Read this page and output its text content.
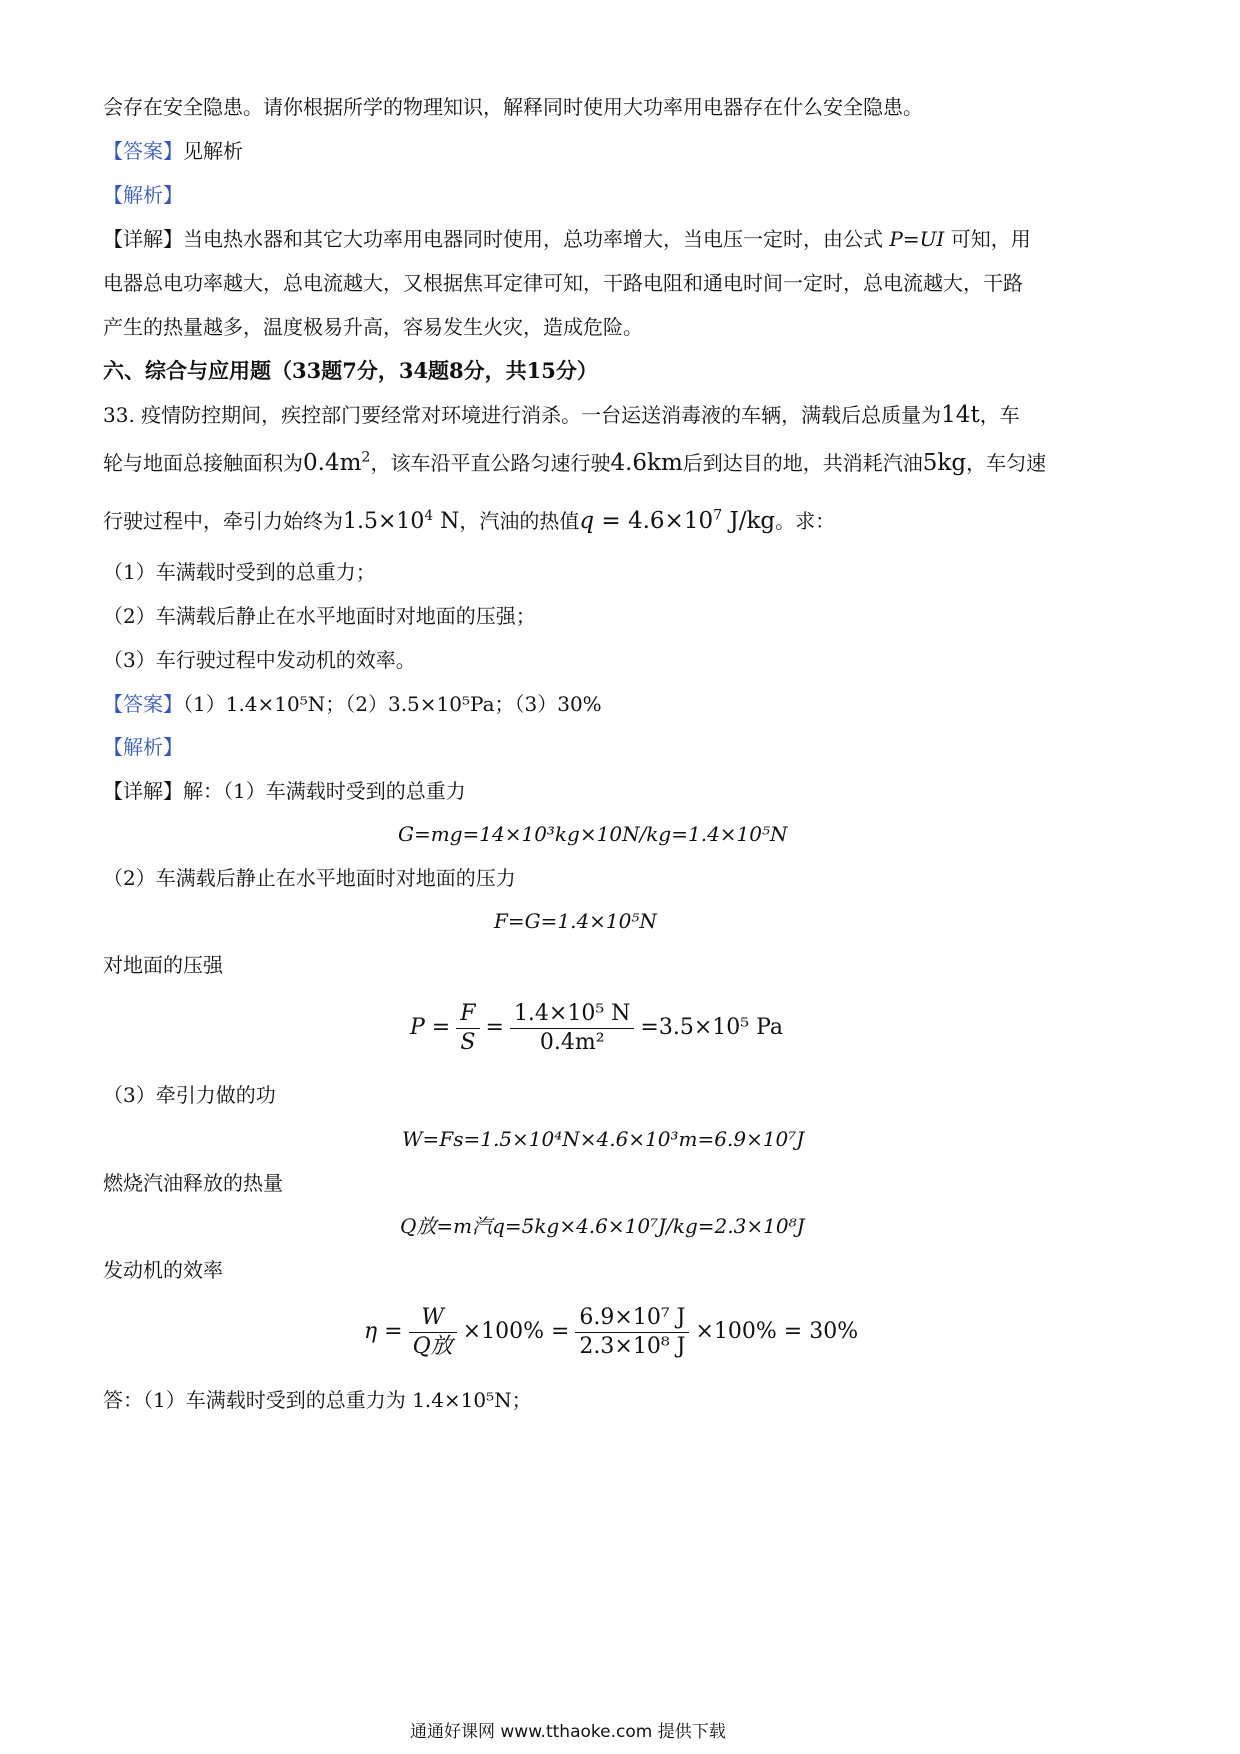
会存在安全隐患。请你根据所学的物理知识，解释同时使用大功率用电器存在什么安全隐患。
【答案】见解析
【解析】
【详解】当电热水器和其它大功率用电器同时使用，总功率增大，当电压一定时，由公式 P=UI 可知，用
电器总电功率越大，总电流越大，又根据焦耳定律可知，干路电阻和通电时间一定时，总电流越大，干路
产生的热量越多，温度极易升高，容易发生火灾，造成危险。
六、综合与应用题（33题7分，34题8分，共15分）
33. 疫情防控期间，疾控部门要经常对环境进行消杀。一台运送消毒液的车辆，满载后总质量为14t，车
轮与地面总接触面积为$0.4m^2$，该车沿平直公路匀速行驶4.6km后到达目的地，共消耗汽油5kg，车匀速
行驶过程中，牵引力始终为$1.5\times 10^4$ N，汽油的热值$q = 4.6\times 10^7$ J/kg。求：
（1）车满载时受到的总重力；
（2）车满载后静止在水平地面时对地面的压强；
（3）车行驶过程中发动机的效率。
【答案】（1）1.4×10⁵N；（2）3.5×10⁵Pa；（3）30%
【解析】
【详解】解：（1）车满载时受到的总重力
G=mg=14×10³kg×10N/kg=1.4×10⁵N
（2）车满载后静止在水平地面时对地面的压力
F=G=1.4×10⁵N
对地面的压强
$P = \frac{F}{S} = \frac{\text{1.4×10⁵ N}}{\text{0.4m²}} =3.5\times 10^5$ Pa
（3）牵引力做的功
W=Fs=1.5×10⁴N×4.6×10³m=6.9×10⁷J
燃烧汽油释放的热量
Q放=m汽q=5kg×4.6×10⁷J/kg=2.3×10⁸J
发动机的效率
$\eta = \frac{W}{\text{Q放}} \times 100\% = \frac{\text{6.9×10⁷ J}}{\text{2.3×10⁸ J}} \times 100\% = 30\%$
答：（1）车满载时受到的总重力为 1.4×10⁵N；
通通好课网 www.tthaoke.com 提供下载
